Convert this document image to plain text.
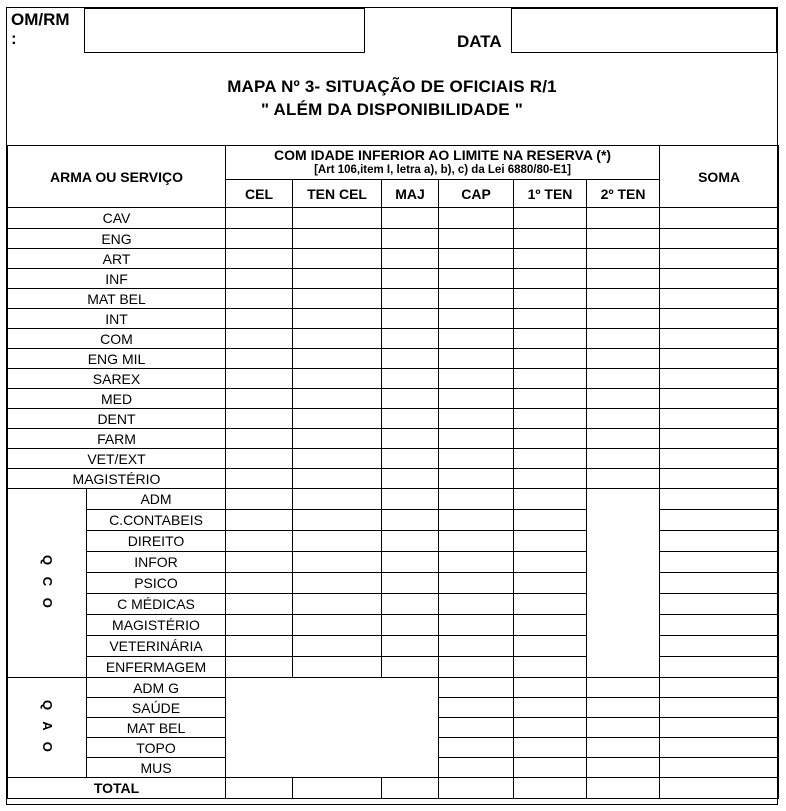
OM/RM
:	DATA
MAPA Nº 3- SITUAÇÃO DE OFICIAIS R/1
" ALÉM DA DISPONIBILIDADE "
ARMA OU SERVIÇO		COM IDADE INFERIOR AO LIMITE NA RESERVA (*)
[Art 106,item I, letra a), b), c) da Lei 6880/80-E1]						SOMA
		CEL	TEN CEL	MAJ	CAP	1º TEN	2º TEN	
CAV								
ENG								
ART								
INF								
MAT BEL								
INT								
COM								
ENG MIL								
SAREX								
MED								
DENT								
FARM								
VET/EXT								
MAGISTÉRIO								

Q C O	ADM							
	C.CONTABEIS							
	DIREITO							
	INFOR							
	PSICO							
	C MÉDICAS							
	MAGISTÉRIO							
	VETERINÁRIA							
	ENFERMAGEM							

Q A O	ADM G							
	SAÚDE							
	MAT BEL							
	TOPO							
	MUS							
TOTAL								
